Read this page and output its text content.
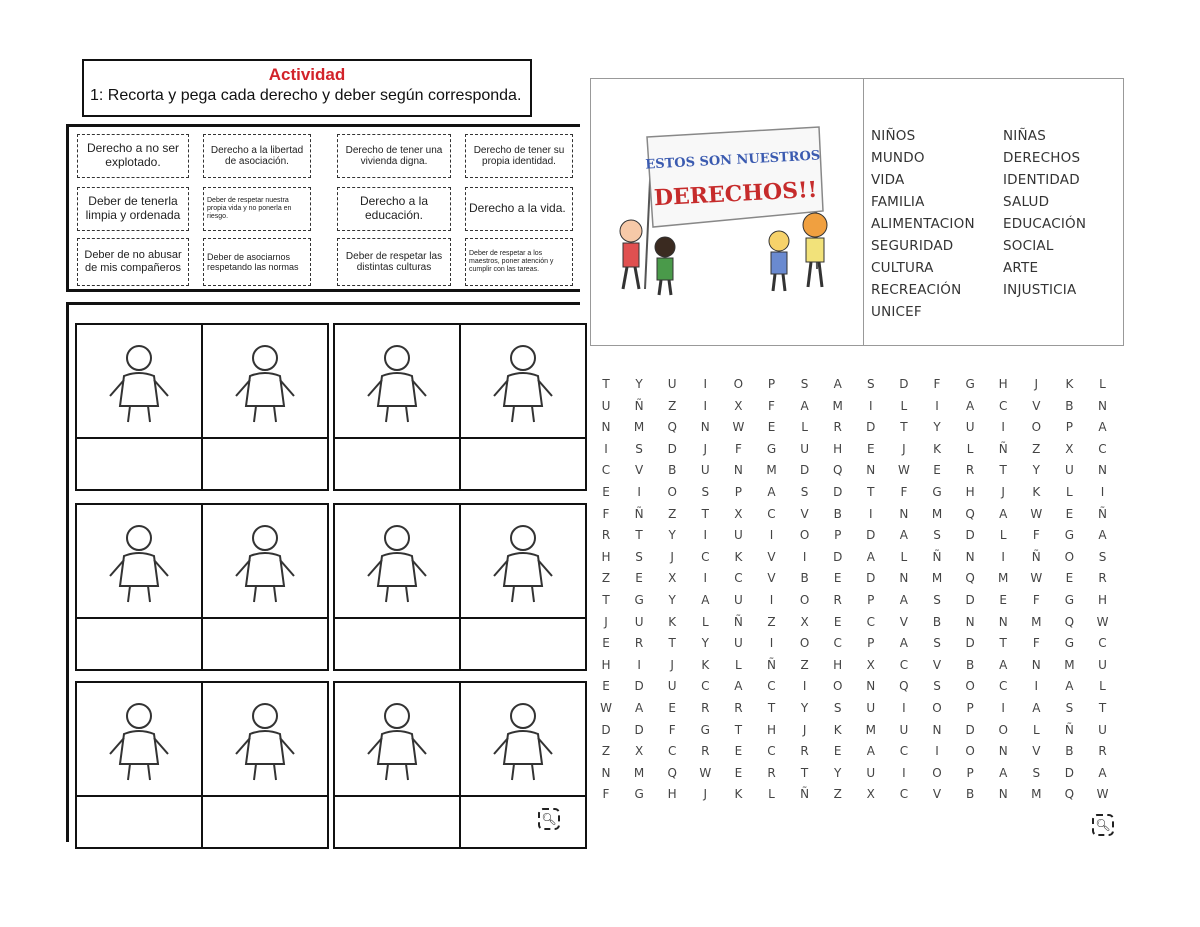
Actividad
1: Recorta y pega cada derecho y deber según corresponda.
Derecho a no ser explotado.
Derecho a la libertad de asociación.
Derecho de tener una vivienda digna.
Derecho de tener su propia identidad.
Deber de tenerla limpia y ordenada
Deber de respetar nuestra propia vida y no ponerla en riesgo.
Derecho a la educación.	Derecho a la vida.
Deber de no abusar de mis compañeros
Deber de asociarnos respetando las normas
Deber de respetar las distintas culturas
Deber de respetar a los maestros, poner atención y cumplir con las tareas.
🔍︎
ESTOS SON NUESTROS
DERECHOS!!
NIÑOS
MUNDO
VIDA
FAMILIA
ALIMENTACION
SEGURIDAD
CULTURA
RECREACIÓN
UNICEF
NIÑAS
DERECHOS
IDENTIDAD
SALUD
EDUCACIÓN
SOCIAL
ARTE
INJUSTICIA
T	Y	U	I	O	P	S	A	S	D	F	G	H	J	K	L
U	Ñ	Z	I	X	F	A	M	I	L	I	A	C	V	B	N
N	M	Q	N	W	E	L	R	D	T	Y	U	I	O	P	A
I	S	D	J	F	G	U	H	E	J	K	L	Ñ	Z	X	C
C	V	B	U	N	M	D	Q	N	W	E	R	T	Y	U	N
E	I	O	S	P	A	S	D	T	F	G	H	J	K	L	I
F	Ñ	Z	T	X	C	V	B	I	N	M	Q	A	W	E	Ñ
R	T	Y	I	U	I	O	P	D	A	S	D	L	F	G	A
H	S	J	C	K	V	I	D	A	L	Ñ	N	I	Ñ	O	S
Z	E	X	I	C	V	B	E	D	N	M	Q	M	W	E	R
T	G	Y	A	U	I	O	R	P	A	S	D	E	F	G	H
J	U	K	L	Ñ	Z	X	E	C	V	B	N	N	M	Q	W
E	R	T	Y	U	I	O	C	P	A	S	D	T	F	G	C
H	I	J	K	L	Ñ	Z	H	X	C	V	B	A	N	M	U
E	D	U	C	A	C	I	O	N	Q	S	O	C	I	A	L
W	A	E	R	R	T	Y	S	U	I	O	P	I	A	S	T
D	D	F	G	T	H	J	K	M	U	N	D	O	L	Ñ	U
Z	X	C	R	E	C	R	E	A	C	I	O	N	V	B	R
N	M	Q	W	E	R	T	Y	U	I	O	P	A	S	D	A
F	G	H	J	K	L	Ñ	Z	X	C	V	B	N	M	Q	W
🔍︎
